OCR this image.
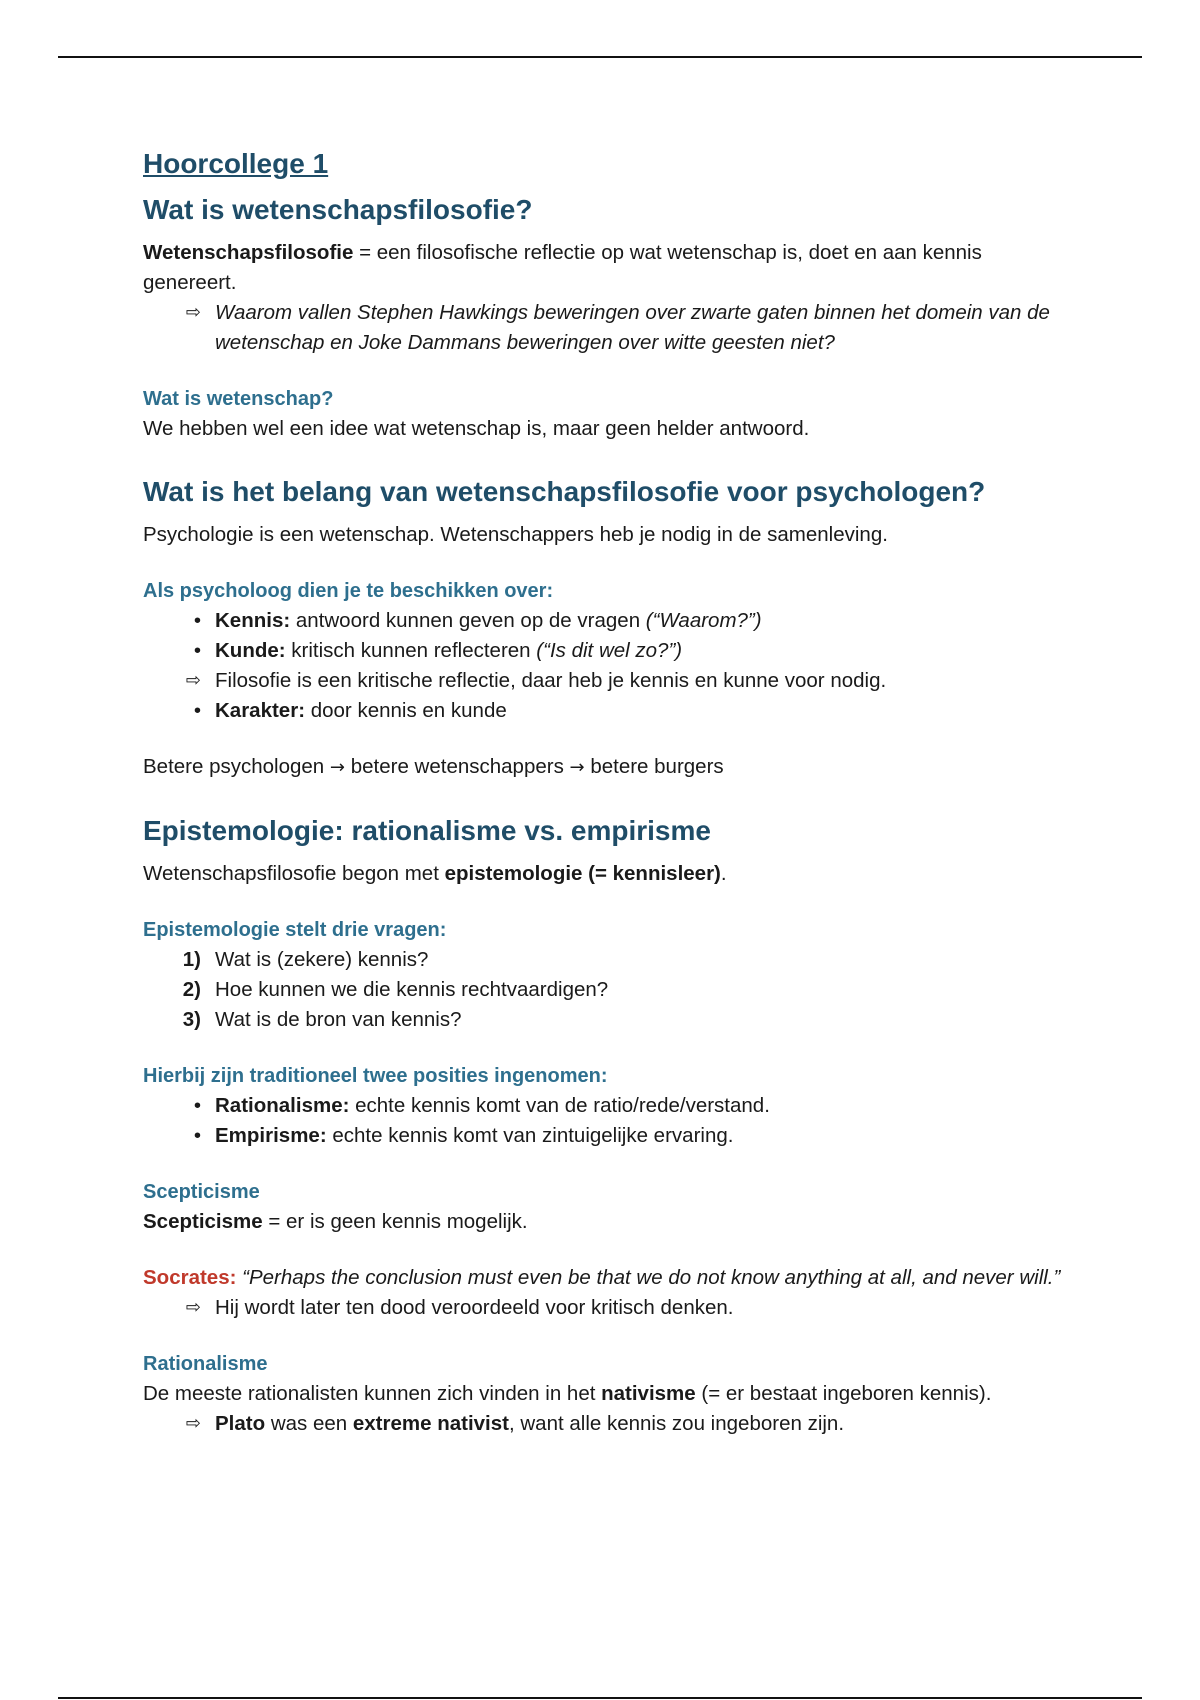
Hoorcollege 1
Wat is wetenschapsfilosofie?

Wetenschapsfilosofie = een filosofische reflectie op wat wetenschap is, doet en aan kennis genereert.

⇨ Waarom vallen Stephen Hawkings beweringen over zwarte gaten binnen het domein van de wetenschap en Joke Dammans beweringen over witte geesten niet?
Wat is wetenschap?

We hebben wel een idee wat wetenschap is, maar geen helder antwoord.

Wat is het belang van wetenschapsfilosofie voor psychologen?

Psychologie is een wetenschap. Wetenschappers heb je nodig in de samenleving.

Als psycholoog dien je te beschikken over:
• Kennis: antwoord kunnen geven op de vragen (“Waarom?”)
• Kunde: kritisch kunnen reflecteren (“Is dit wel zo?”)
⇨ Filosofie is een kritische reflectie, daar heb je kennis en kunne voor nodig.
• Karakter: door kennis en kunde

Betere psychologen → betere wetenschappers → betere burgers

Epistemologie: rationalisme vs. empirisme

Wetenschapsfilosofie begon met epistemologie (= kennisleer).

Epistemologie stelt drie vragen:
1) Wat is (zekere) kennis?
2) Hoe kunnen we die kennis rechtvaardigen?
3) Wat is de bron van kennis?
Hierbij zijn traditioneel twee posities ingenomen:
• Rationalisme: echte kennis komt van de ratio/rede/verstand.
• Empirisme: echte kennis komt van zintuigelijke ervaring.
Scepticisme

Scepticisme = er is geen kennis mogelijk.

Socrates: “Perhaps the conclusion must even be that we do not know anything at all, and never will.”

⇨ Hij wordt later ten dood veroordeeld voor kritisch denken.
Rationalisme

De meeste rationalisten kunnen zich vinden in het nativisme (= er bestaat ingeboren kennis).

⇨ Plato was een extreme nativist, want alle kennis zou ingeboren zijn.
